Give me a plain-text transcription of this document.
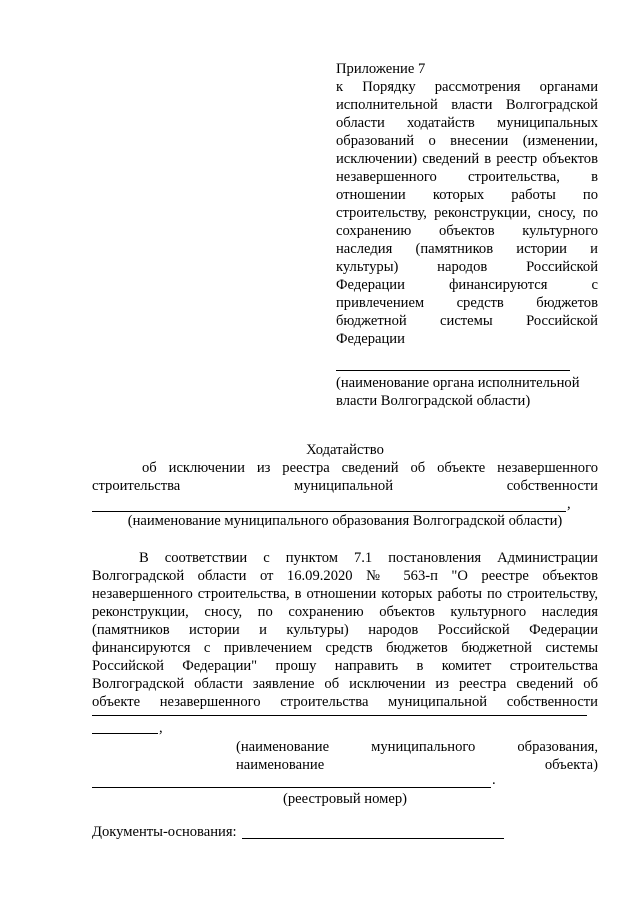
Приложение 7
к Порядку рассмотрения органами исполнительной власти Волгоградской области ходатайств муниципальных образований о внесении (изменении, исключении) сведений в реестр объектов незавершенного строительства, в отношении которых работы по строительству, реконструкции, сносу, по сохранению объектов культурного наследия (памятников истории и культуры) народов Российской Федерации финансируются с привлечением средств бюджетов бюджетной системы Российской Федерации
(наименование органа исполнительной власти Волгоградской области)
Ходатайство
об исключении из реестра сведений об объекте незавершенного строительства муниципальной собственности
,
(наименование муниципального образования Волгоградской области)
В соответствии с пунктом 7.1 постановления Администрации Волгоградской области от 16.09.2020 № 563-п "О реестре объектов незавершенного строительства, в отношении которых работы по строительству, реконструкции, сносу, по сохранению объектов культурного наследия (памятников истории и культуры) народов Российской Федерации финансируются с привлечением средств бюджетов бюджетной системы Российской Федерации" прошу направить в комитет строительства Волгоградской области заявление об исключении из реестра сведений об объекте незавершенного строительства муниципальной собственности
,
(наименование муниципального образования, наименование объекта)
.
(реестровый номер)
Документы-основания:
